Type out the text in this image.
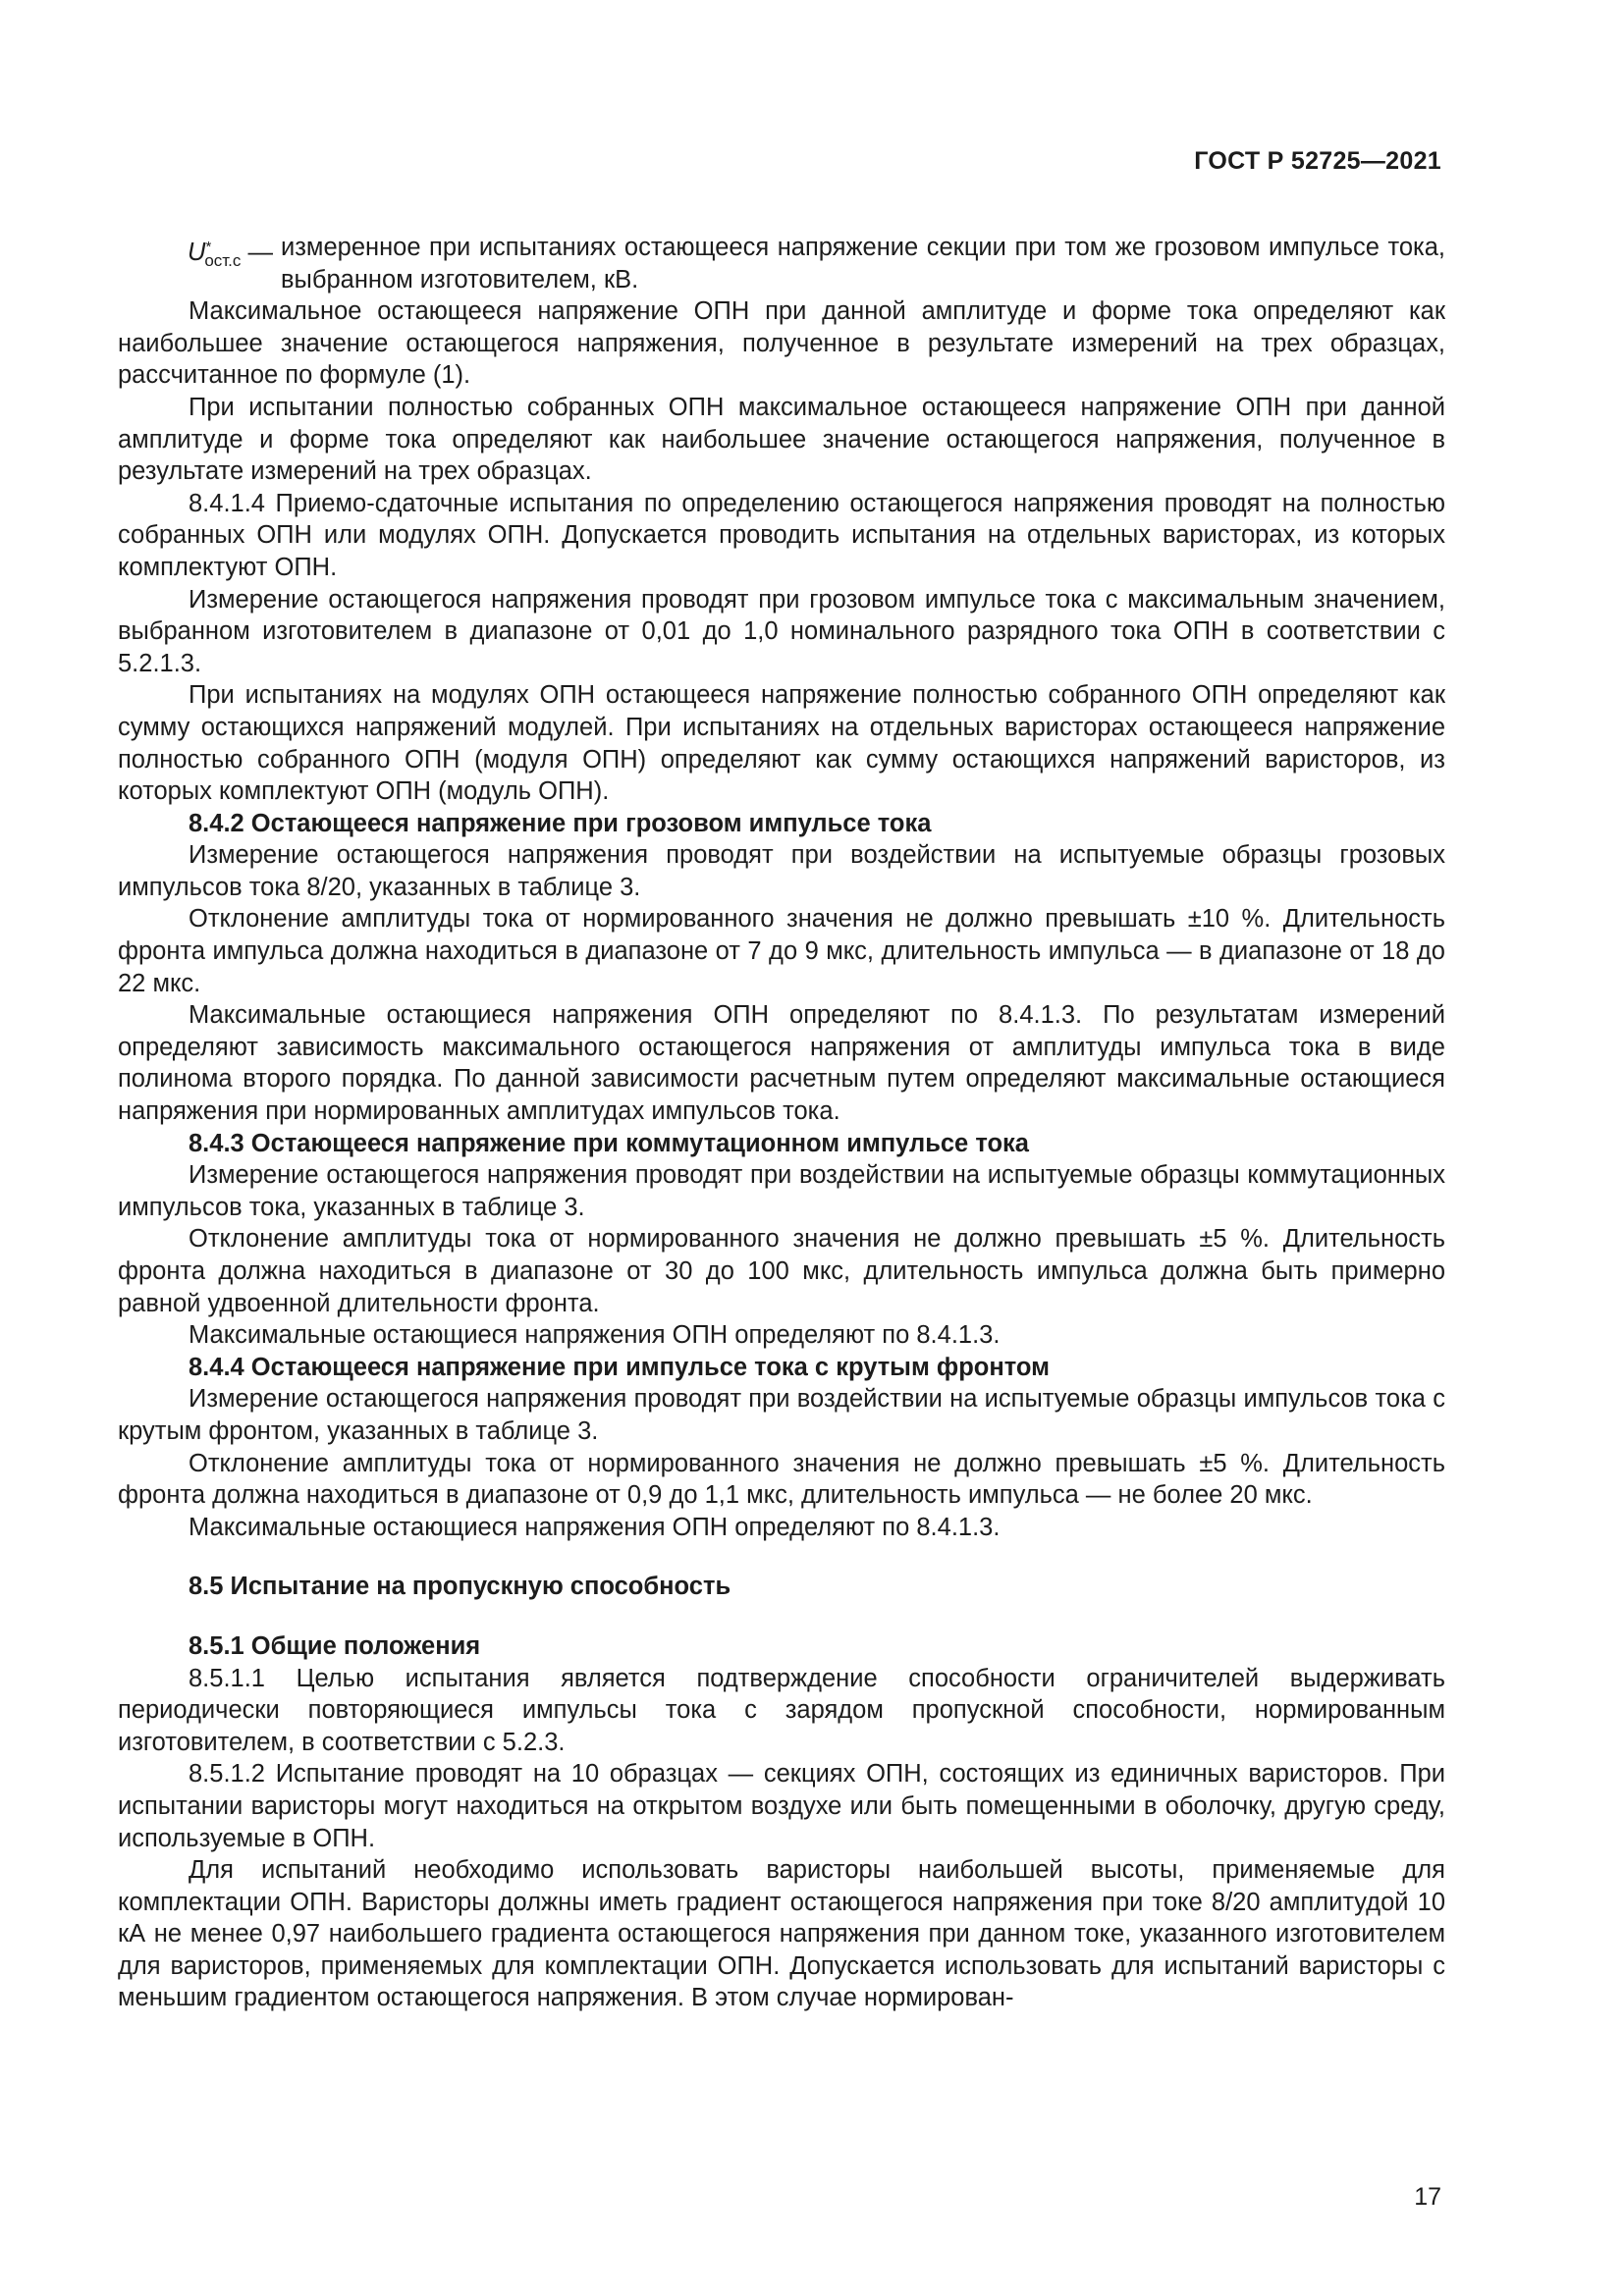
ГОСТ Р 52725—2021
$U^*_{ост.с}$ — измеренное при испытаниях остающееся напряжение секции при том же грозовом импульсе тока, выбранном изготовителем, кВ.

Максимальное остающееся напряжение ОПН при данной амплитуде и форме тока определяют как наибольшее значение остающегося напряжения, полученное в результате измерений на трех образцах, рассчитанное по формуле (1).

При испытании полностью собранных ОПН максимальное остающееся напряжение ОПН при данной амплитуде и форме тока определяют как наибольшее значение остающегося напряжения, полученное в результате измерений на трех образцах.

8.4.1.4 Приемо-сдаточные испытания по определению остающегося напряжения проводят на полностью собранных ОПН или модулях ОПН. Допускается проводить испытания на отдельных варисторах, из которых комплектуют ОПН.

Измерение остающегося напряжения проводят при грозовом импульсе тока с максимальным значением, выбранном изготовителем в диапазоне от 0,01 до 1,0 номинального разрядного тока ОПН в соответствии с 5.2.1.3.

При испытаниях на модулях ОПН остающееся напряжение полностью собранного ОПН определяют как сумму остающихся напряжений модулей. При испытаниях на отдельных варисторах остающееся напряжение полностью собранного ОПН (модуля ОПН) определяют как сумму остающихся напряжений варисторов, из которых комплектуют ОПН (модуль ОПН).

8.4.2 Остающееся напряжение при грозовом импульсе тока

Измерение остающегося напряжения проводят при воздействии на испытуемые образцы грозовых импульсов тока 8/20, указанных в таблице 3.

Отклонение амплитуды тока от нормированного значения не должно превышать ±10 %. Длительность фронта импульса должна находиться в диапазоне от 7 до 9 мкс, длительность импульса — в диапазоне от 18 до 22 мкс.

Максимальные остающиеся напряжения ОПН определяют по 8.4.1.3. По результатам измерений определяют зависимость максимального остающегося напряжения от амплитуды импульса тока в виде полинома второго порядка. По данной зависимости расчетным путем определяют максимальные остающиеся напряжения при нормированных амплитудах импульсов тока.

8.4.3 Остающееся напряжение при коммутационном импульсе тока

Измерение остающегося напряжения проводят при воздействии на испытуемые образцы коммутационных импульсов тока, указанных в таблице 3.

Отклонение амплитуды тока от нормированного значения не должно превышать ±5 %. Длительность фронта должна находиться в диапазоне от 30 до 100 мкс, длительность импульса должна быть примерно равной удвоенной длительности фронта.

Максимальные остающиеся напряжения ОПН определяют по 8.4.1.3.

8.4.4 Остающееся напряжение при импульсе тока с крутым фронтом

Измерение остающегося напряжения проводят при воздействии на испытуемые образцы импульсов тока с крутым фронтом, указанных в таблице 3.

Отклонение амплитуды тока от нормированного значения не должно превышать ±5 %. Длительность фронта должна находиться в диапазоне от 0,9 до 1,1 мкс, длительность импульса — не более 20 мкс.

Максимальные остающиеся напряжения ОПН определяют по 8.4.1.3.

8.5 Испытание на пропускную способность

8.5.1 Общие положения

8.5.1.1 Целью испытания является подтверждение способности ограничителей выдерживать периодически повторяющиеся импульсы тока с зарядом пропускной способности, нормированным изготовителем, в соответствии с 5.2.3.

8.5.1.2 Испытание проводят на 10 образцах — секциях ОПН, состоящих из единичных варисторов. При испытании варисторы могут находиться на открытом воздухе или быть помещенными в оболочку, другую среду, используемые в ОПН.

Для испытаний необходимо использовать варисторы наибольшей высоты, применяемые для комплектации ОПН. Варисторы должны иметь градиент остающегося напряжения при токе 8/20 амплитудой 10 кА не менее 0,97 наибольшего градиента остающегося напряжения при данном токе, указанного изготовителем для варисторов, применяемых для комплектации ОПН. Допускается использовать для испытаний варисторы с меньшим градиентом остающегося напряжения. В этом случае нормирован-

17
